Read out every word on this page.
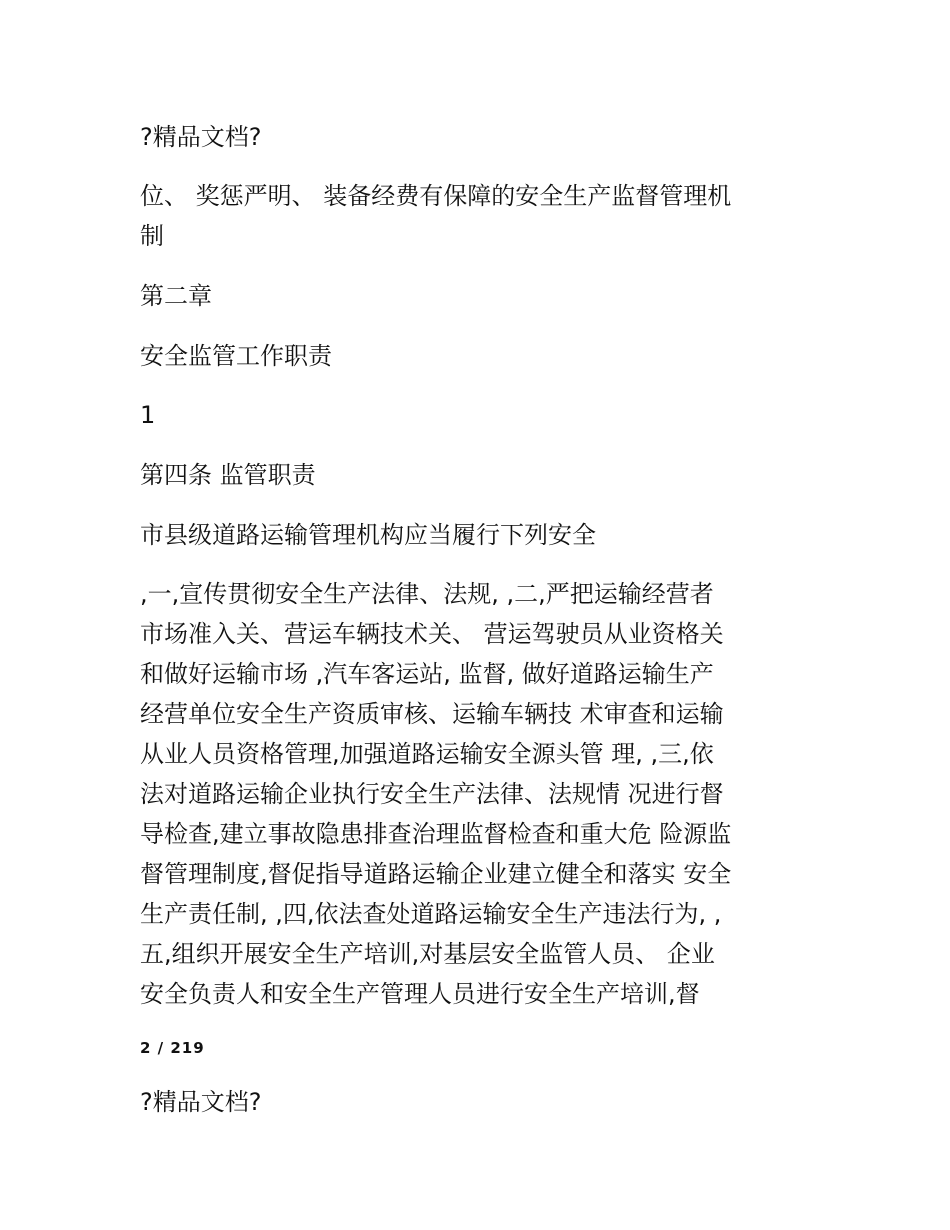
?精品文档?

位、 奖惩严明、 装备经费有保障的安全生产监督管理机
制

第二章

安全监管工作职责

1

第四条 监管职责

市县级道路运输管理机构应当履行下列安全

,一,宣传贯彻安全生产法律、法规, ,二,严把运输经营者
市场准入关、营运车辆技术关、 营运驾驶员从业资格关
和做好运输市场 ,汽车客运站, 监督, 做好道路运输生产
经营单位安全生产资质审核、运输车辆技 术审查和运输
从业人员资格管理,加强道路运输安全源头管 理, ,三,依
法对道路运输企业执行安全生产法律、法规情 况进行督
导检查,建立事故隐患排查治理监督检查和重大危 险源监
督管理制度,督促指导道路运输企业建立健全和落实 安全
生产责任制, ,四,依法查处道路运输安全生产违法行为, ,
五,组织开展安全生产培训,对基层安全监管人员、 企业
安全负责人和安全生产管理人员进行安全生产培训,督
2 / 219

?精品文档?
